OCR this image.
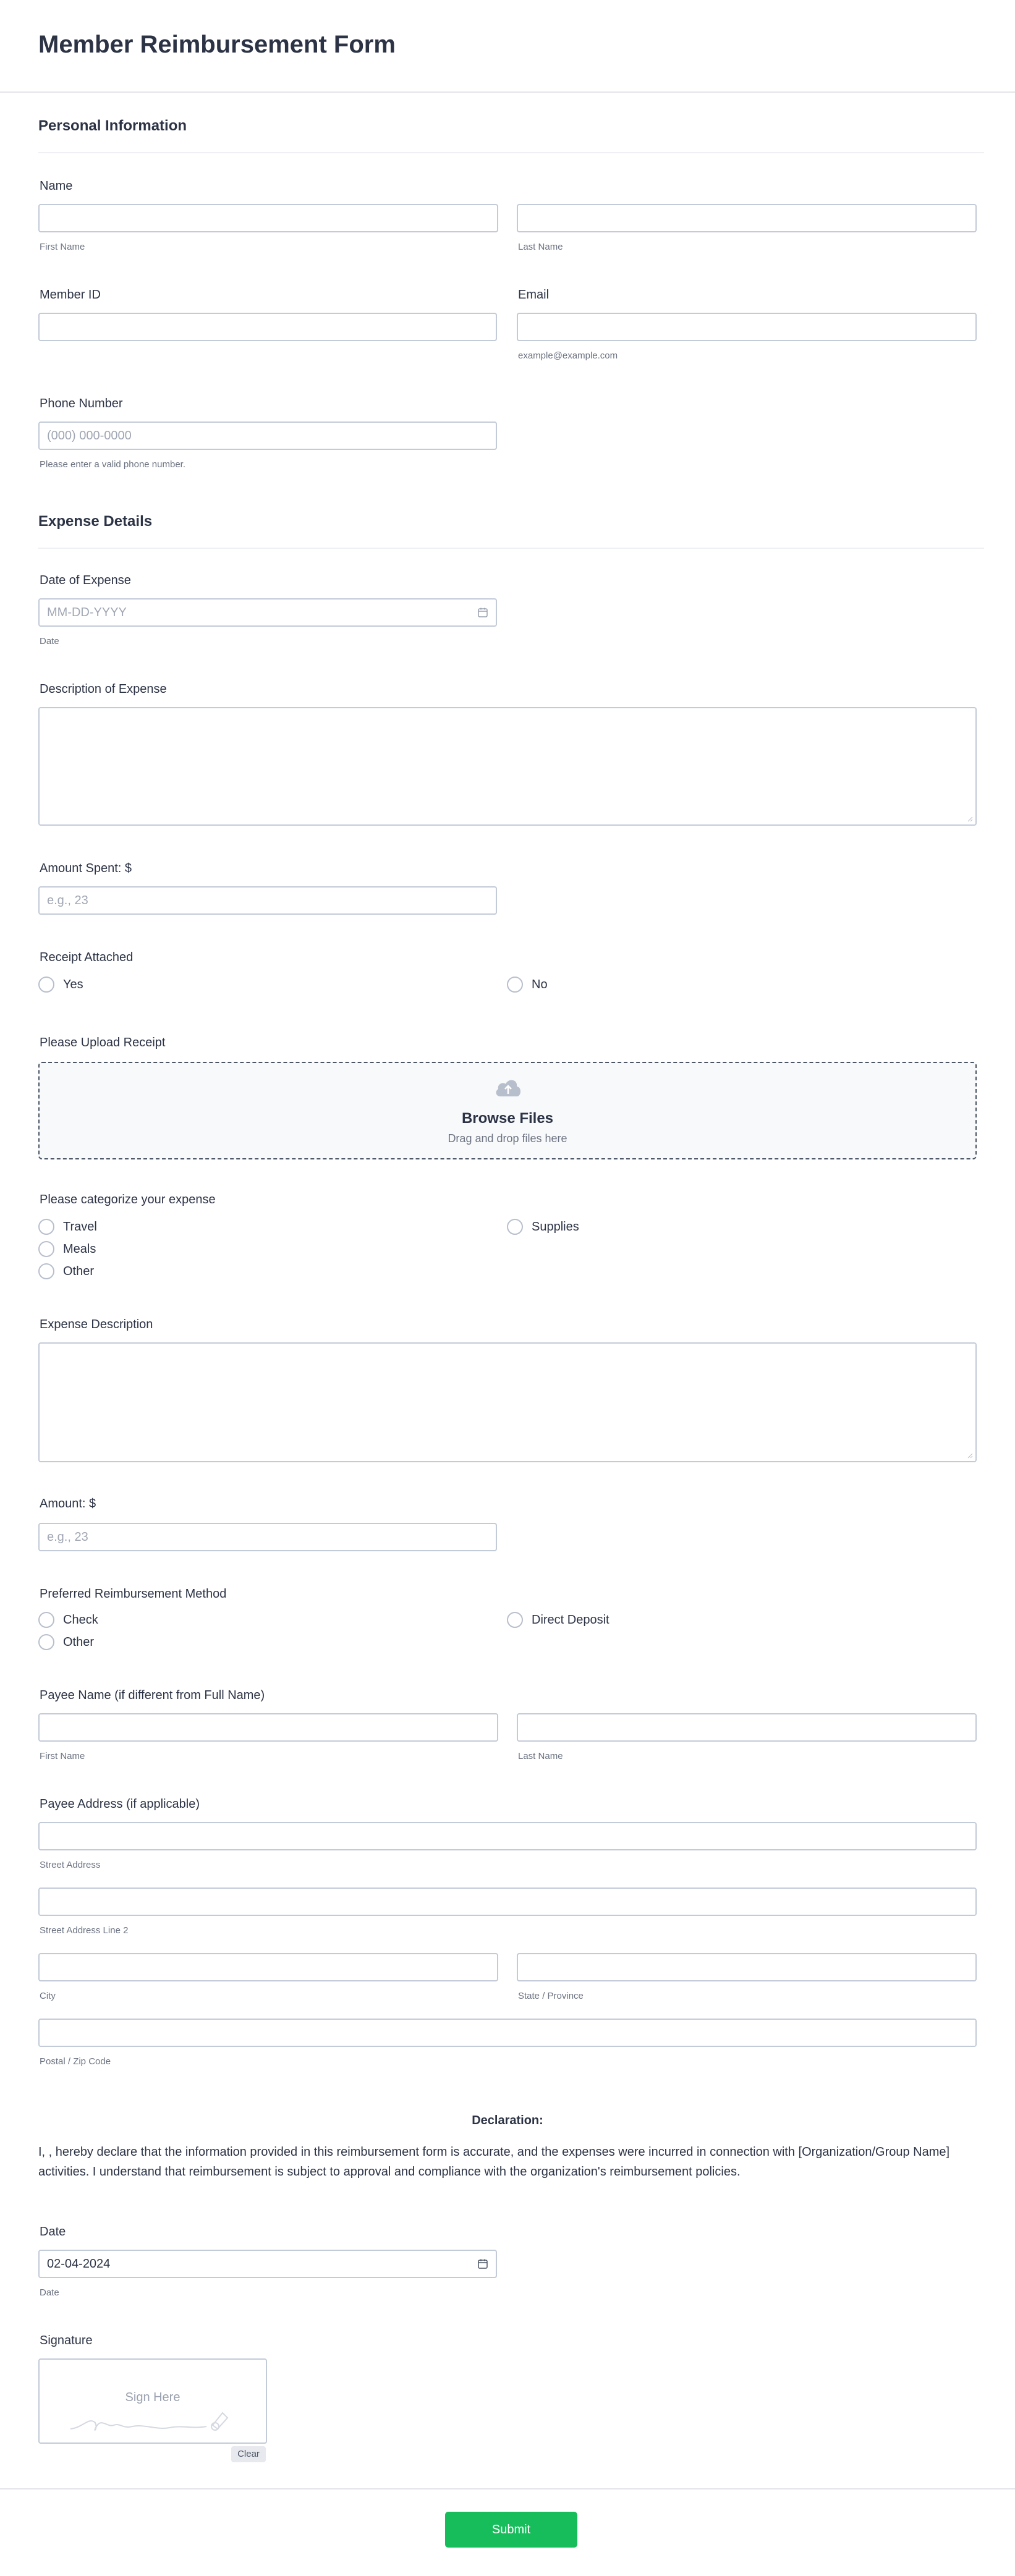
Member Reimbursement Form
Personal Information
Name
First Name	Last Name
Member ID	Email
example@example.com
Phone Number
(000) 000-0000
Please enter a valid phone number.
Expense Details
Date of Expense
MM-DD-YYYY
Date
Description of Expense
Amount Spent: $
e.g., 23
Receipt Attached
Yes	No
Please Upload Receipt
Browse Files
Drag and drop files here
Please categorize your expense
Travel	Supplies
Meals
Other
Expense Description
Amount: $
e.g., 23
Preferred Reimbursement Method
Check	Direct Deposit
Other
Payee Name (if different from Full Name)
First Name	Last Name
Payee Address (if applicable)
Street Address
Street Address Line 2
City	State / Province
Postal / Zip Code
Declaration:
I, , hereby declare that the information provided in this reimbursement form is accurate, and the expenses were incurred in connection with [Organization/Group Name] activities. I understand that reimbursement is subject to approval and compliance with the organization's reimbursement policies.
Date
02-04-2024
Date
Signature
Sign Here
Clear
Submit
